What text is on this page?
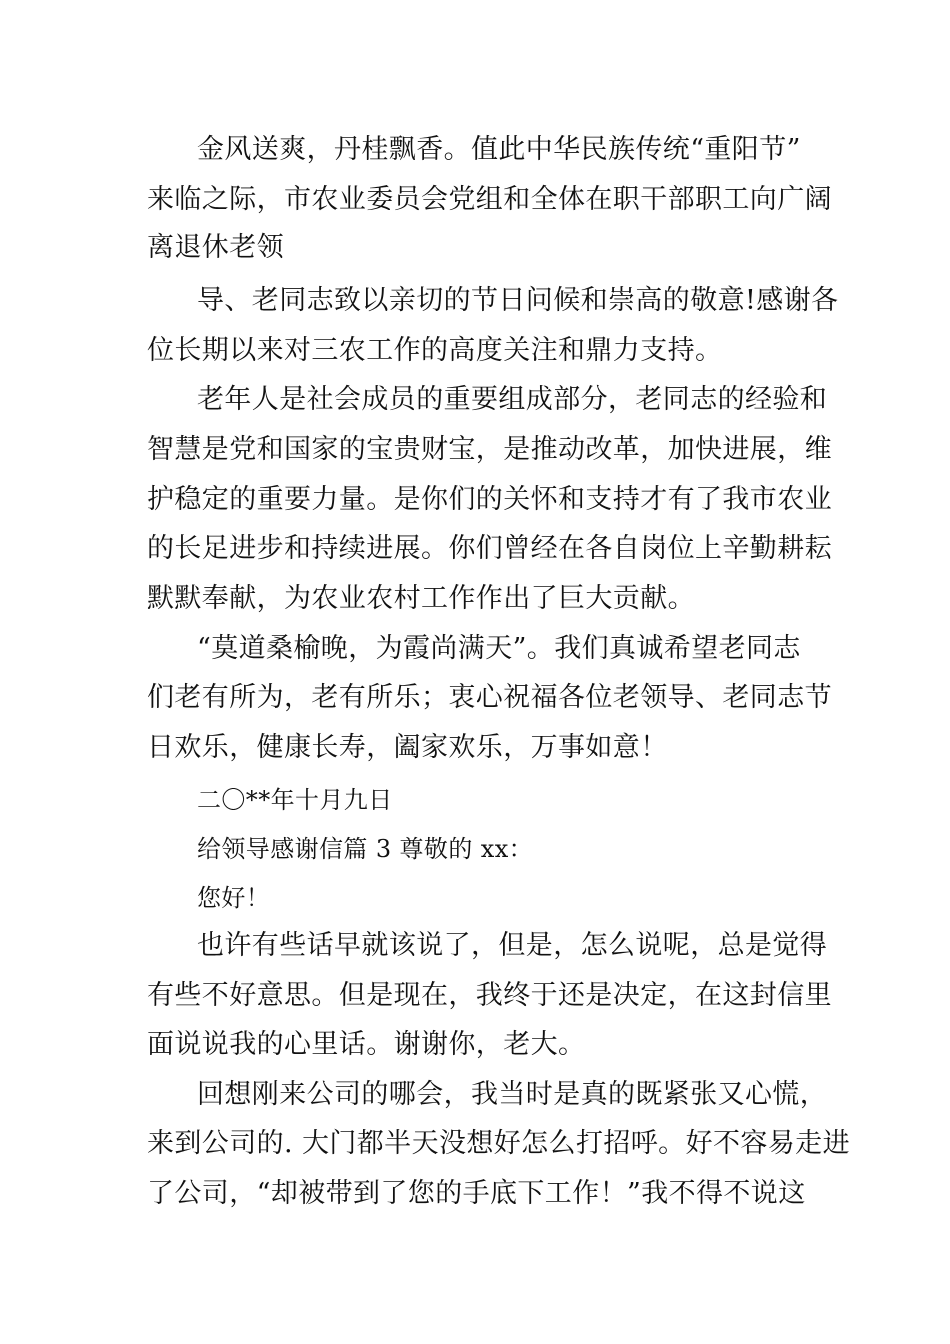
金风送爽，丹桂飘香。值此中华民族传统“重阳节”
来临之际，市农业委员会党组和全体在职干部职工向广阔
离退休老领
导、老同志致以亲切的节日问候和崇高的敬意!感谢各
位长期以来对三农工作的高度关注和鼎力支持。
老年人是社会成员的重要组成部分，老同志的经验和
智慧是党和国家的宝贵财宝，是推动改革，加快进展，维
护稳定的重要力量。是你们的关怀和支持才有了我市农业
的长足进步和持续进展。你们曾经在各自岗位上辛勤耕耘
默默奉献，为农业农村工作作出了巨大贡献。
“莫道桑榆晚，为霞尚满天”。我们真诚希望老同志
们老有所为，老有所乐；衷心祝福各位老领导、老同志节
日欢乐，健康长寿，阖家欢乐，万事如意！
二〇**年十月九日
给领导感谢信篇 3 尊敬的 xx：
您好！
也许有些话早就该说了，但是，怎么说呢，总是觉得
有些不好意思。但是现在，我终于还是决定，在这封信里
面说说我的心里话。谢谢你，老大。
回想刚来公司的哪会，我当时是真的既紧张又心慌，
来到公司的. 大门都半天没想好怎么打招呼。好不容易走进
了公司，“却被带到了您的手底下工作！”我不得不说这
